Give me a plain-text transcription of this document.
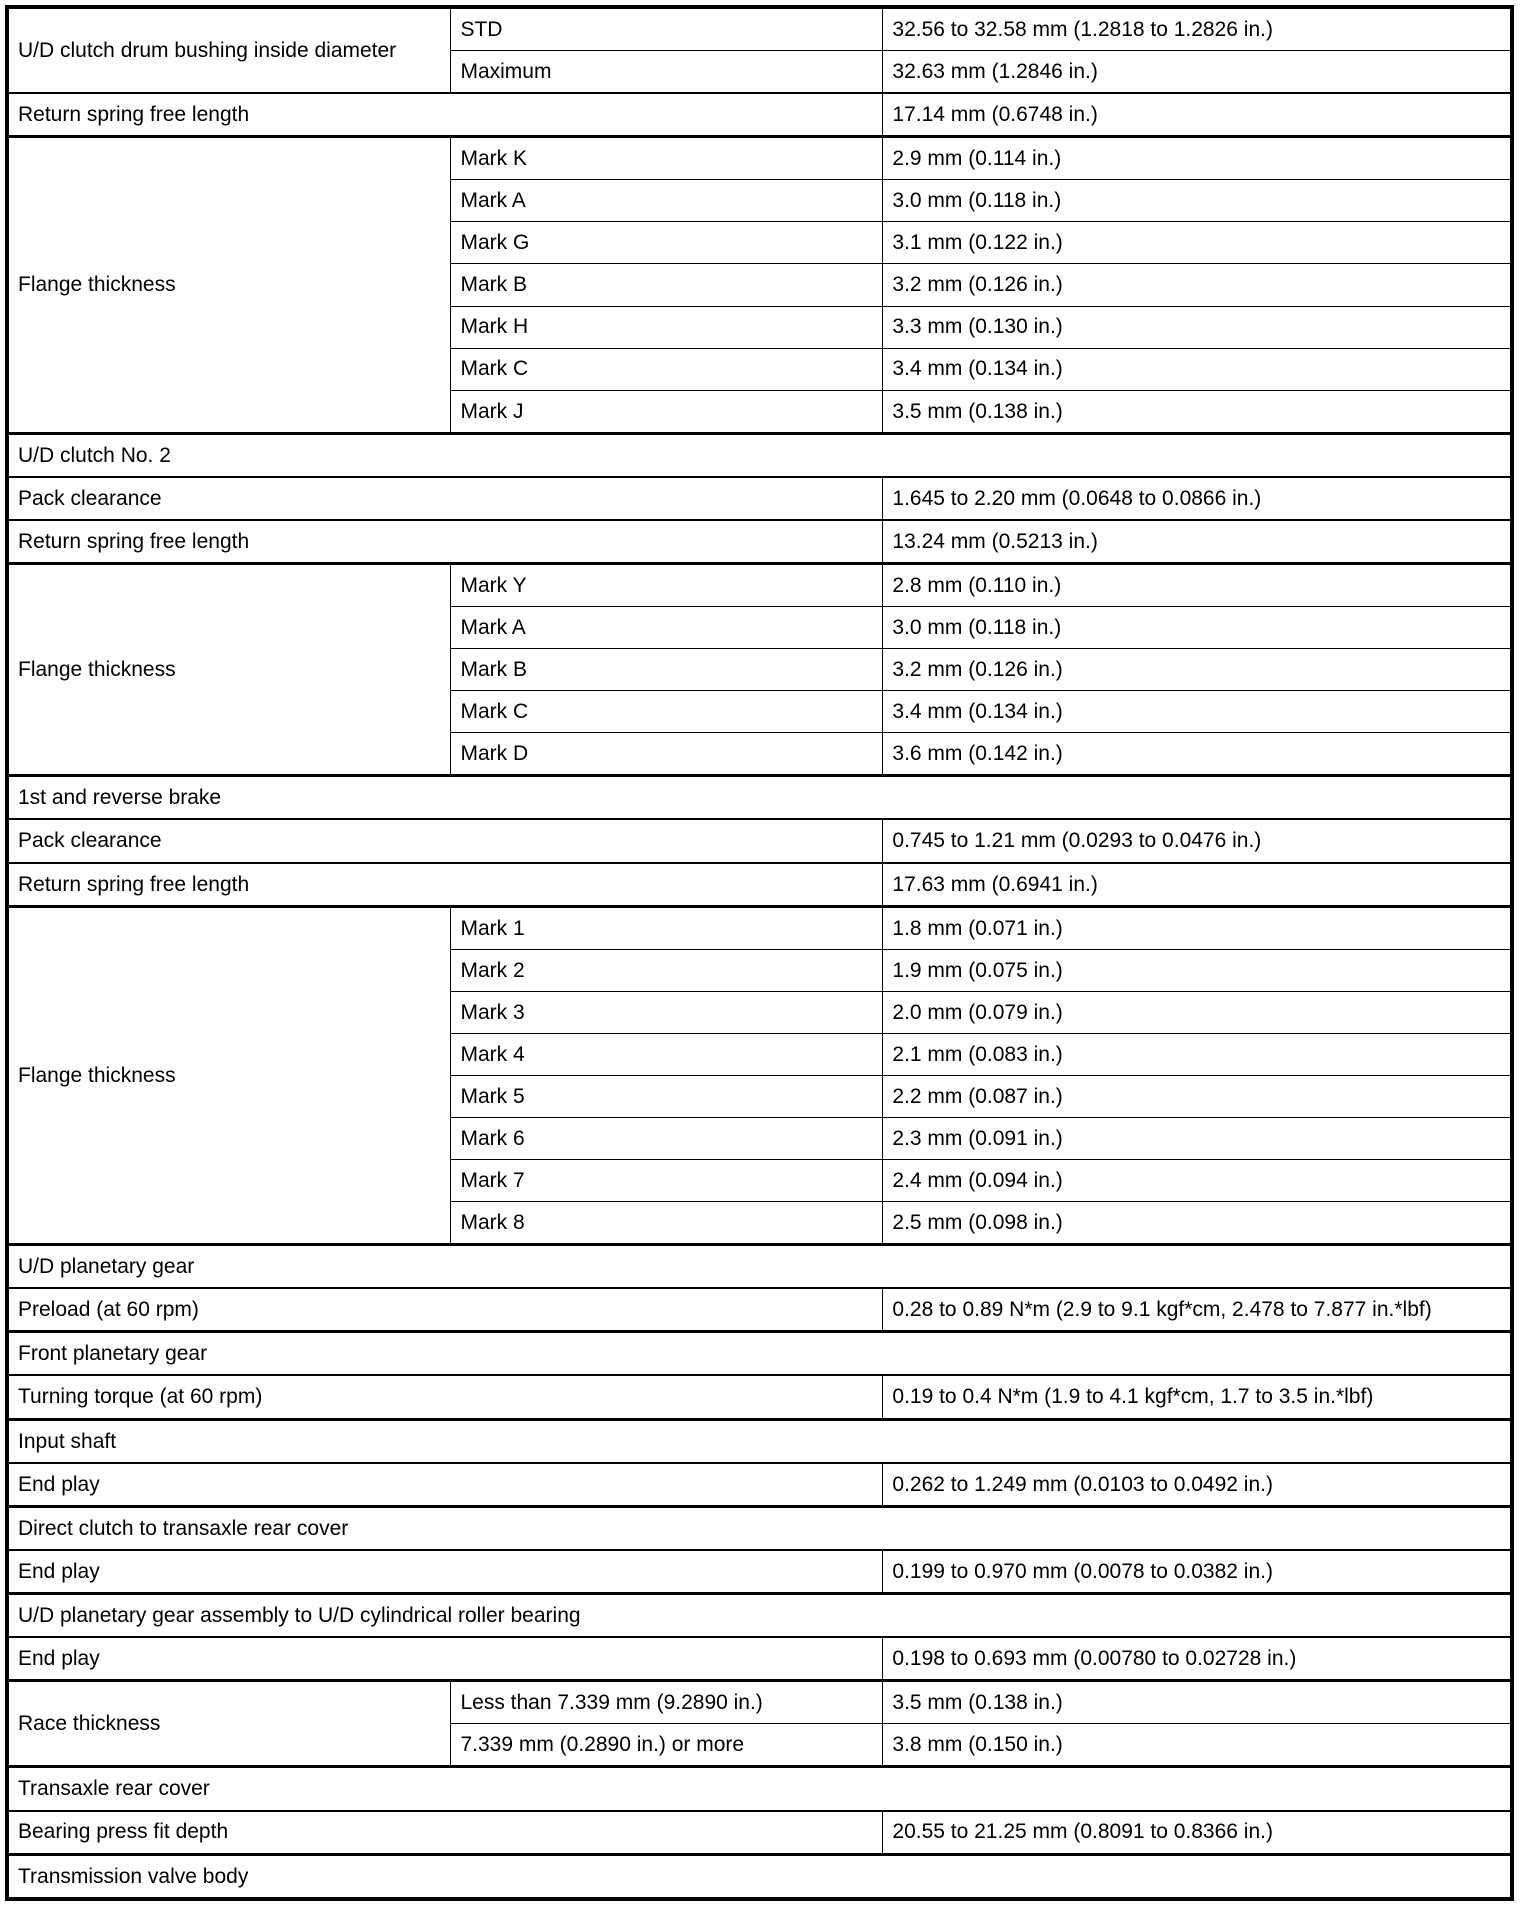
U/D clutch drum bushing inside diameter	STD	32.56 to 32.58 mm (1.2818 to 1.2826 in.)
	Maximum	32.63 mm (1.2846 in.)
Return spring free length		17.14 mm (0.6748 in.)
Flange thickness	Mark K	2.9 mm (0.114 in.)
	Mark A	3.0 mm (0.118 in.)
	Mark G	3.1 mm (0.122 in.)
	Mark B	3.2 mm (0.126 in.)
	Mark H	3.3 mm (0.130 in.)
	Mark C	3.4 mm (0.134 in.)
	Mark J	3.5 mm (0.138 in.)
U/D clutch No. 2		
Pack clearance		1.645 to 2.20 mm (0.0648 to 0.0866 in.)
Return spring free length		13.24 mm (0.5213 in.)
Flange thickness	Mark Y	2.8 mm (0.110 in.)
	Mark A	3.0 mm (0.118 in.)
	Mark B	3.2 mm (0.126 in.)
	Mark C	3.4 mm (0.134 in.)
	Mark D	3.6 mm (0.142 in.)
1st and reverse brake		
Pack clearance		0.745 to 1.21 mm (0.0293 to 0.0476 in.)
Return spring free length		17.63 mm (0.6941 in.)
Flange thickness	Mark 1	1.8 mm (0.071 in.)
	Mark 2	1.9 mm (0.075 in.)
	Mark 3	2.0 mm (0.079 in.)
	Mark 4	2.1 mm (0.083 in.)
	Mark 5	2.2 mm (0.087 in.)
	Mark 6	2.3 mm (0.091 in.)
	Mark 7	2.4 mm (0.094 in.)
	Mark 8	2.5 mm (0.098 in.)
U/D planetary gear		
Preload (at 60 rpm)		0.28 to 0.89 N*m (2.9 to 9.1 kgf*cm, 2.478 to 7.877 in.*lbf)
Front planetary gear		
Turning torque (at 60 rpm)		0.19 to 0.4 N*m (1.9 to 4.1 kgf*cm, 1.7 to 3.5 in.*lbf)
Input shaft		
End play		0.262 to 1.249 mm (0.0103 to 0.0492 in.)
Direct clutch to transaxle rear cover		
End play		0.199 to 0.970 mm (0.0078 to 0.0382 in.)
U/D planetary gear assembly to U/D cylindrical roller bearing		
End play		0.198 to 0.693 mm (0.00780 to 0.02728 in.)
Race thickness	Less than 7.339 mm (9.2890 in.)	3.5 mm (0.138 in.)
	7.339 mm (0.2890 in.) or more	3.8 mm (0.150 in.)
Transaxle rear cover		
Bearing press fit depth		20.55 to 21.25 mm (0.8091 to 0.8366 in.)
Transmission valve body		
